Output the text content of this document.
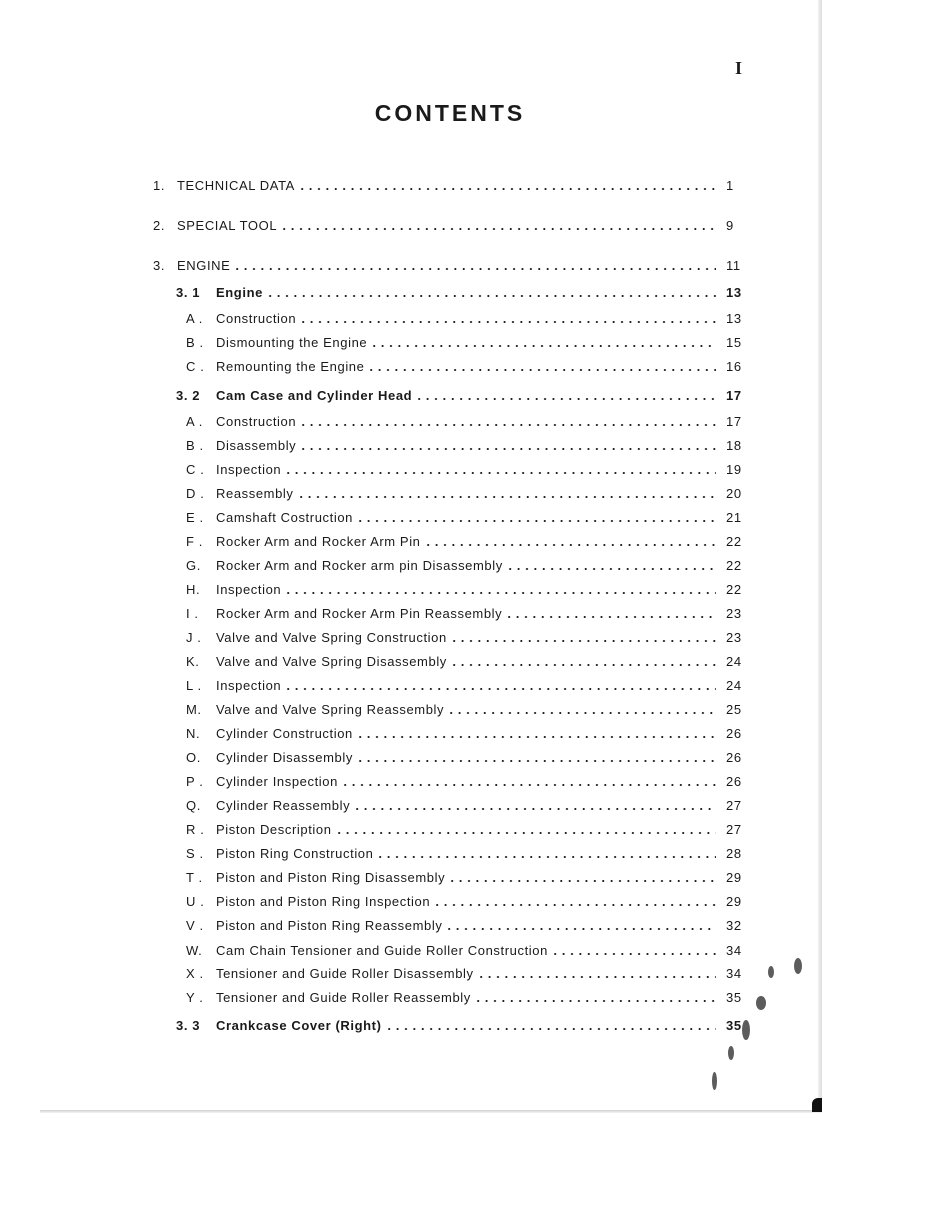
I
CONTENTS
1. TECHNICAL DATA	1
2. SPECIAL TOOL	9
3. ENGINE	11
3. 1	Engine	13
A .	Construction	13
B . Dismounting the Engine	15
C . Remounting the Engine	16
3. 2	Cam Case and Cylinder Head	17
A .	Construction	17
B . Disassembly	18
C . Inspection	19
D . Reassembly	20
E . Camshaft Costruction	21
F .	Rocker Arm and Rocker Arm Pin	22
G.	Rocker Arm and Rocker arm pin Disassembly	22
H.	Inspection	22
I .	Rocker Arm and Rocker Arm Pin Reassembly	23
J .	Valve and Valve Spring Construction	23
K.	Valve and Valve Spring Disassembly	24
L .	Inspection	24
M.	Valve and Valve Spring Reassembly	25
N.	Cylinder Construction	26
O.	Cylinder Disassembly	26
P . Cylinder Inspection	26
Q.	Cylinder Reassembly	27
R . Piston Description	27
S . Piston Ring Construction	28
T .	Piston and Piston Ring Disassembly	29
U . Piston and Piston Ring Inspection	29
V . Piston and Piston Ring Reassembly	32
W.	Cam Chain Tensioner and Guide Roller Construction	34
X . Tensioner and Guide Roller Disassembly	34
Y . Tensioner and Guide Roller Reassembly	35
3. 3	Crankcase Cover (Right)	35
